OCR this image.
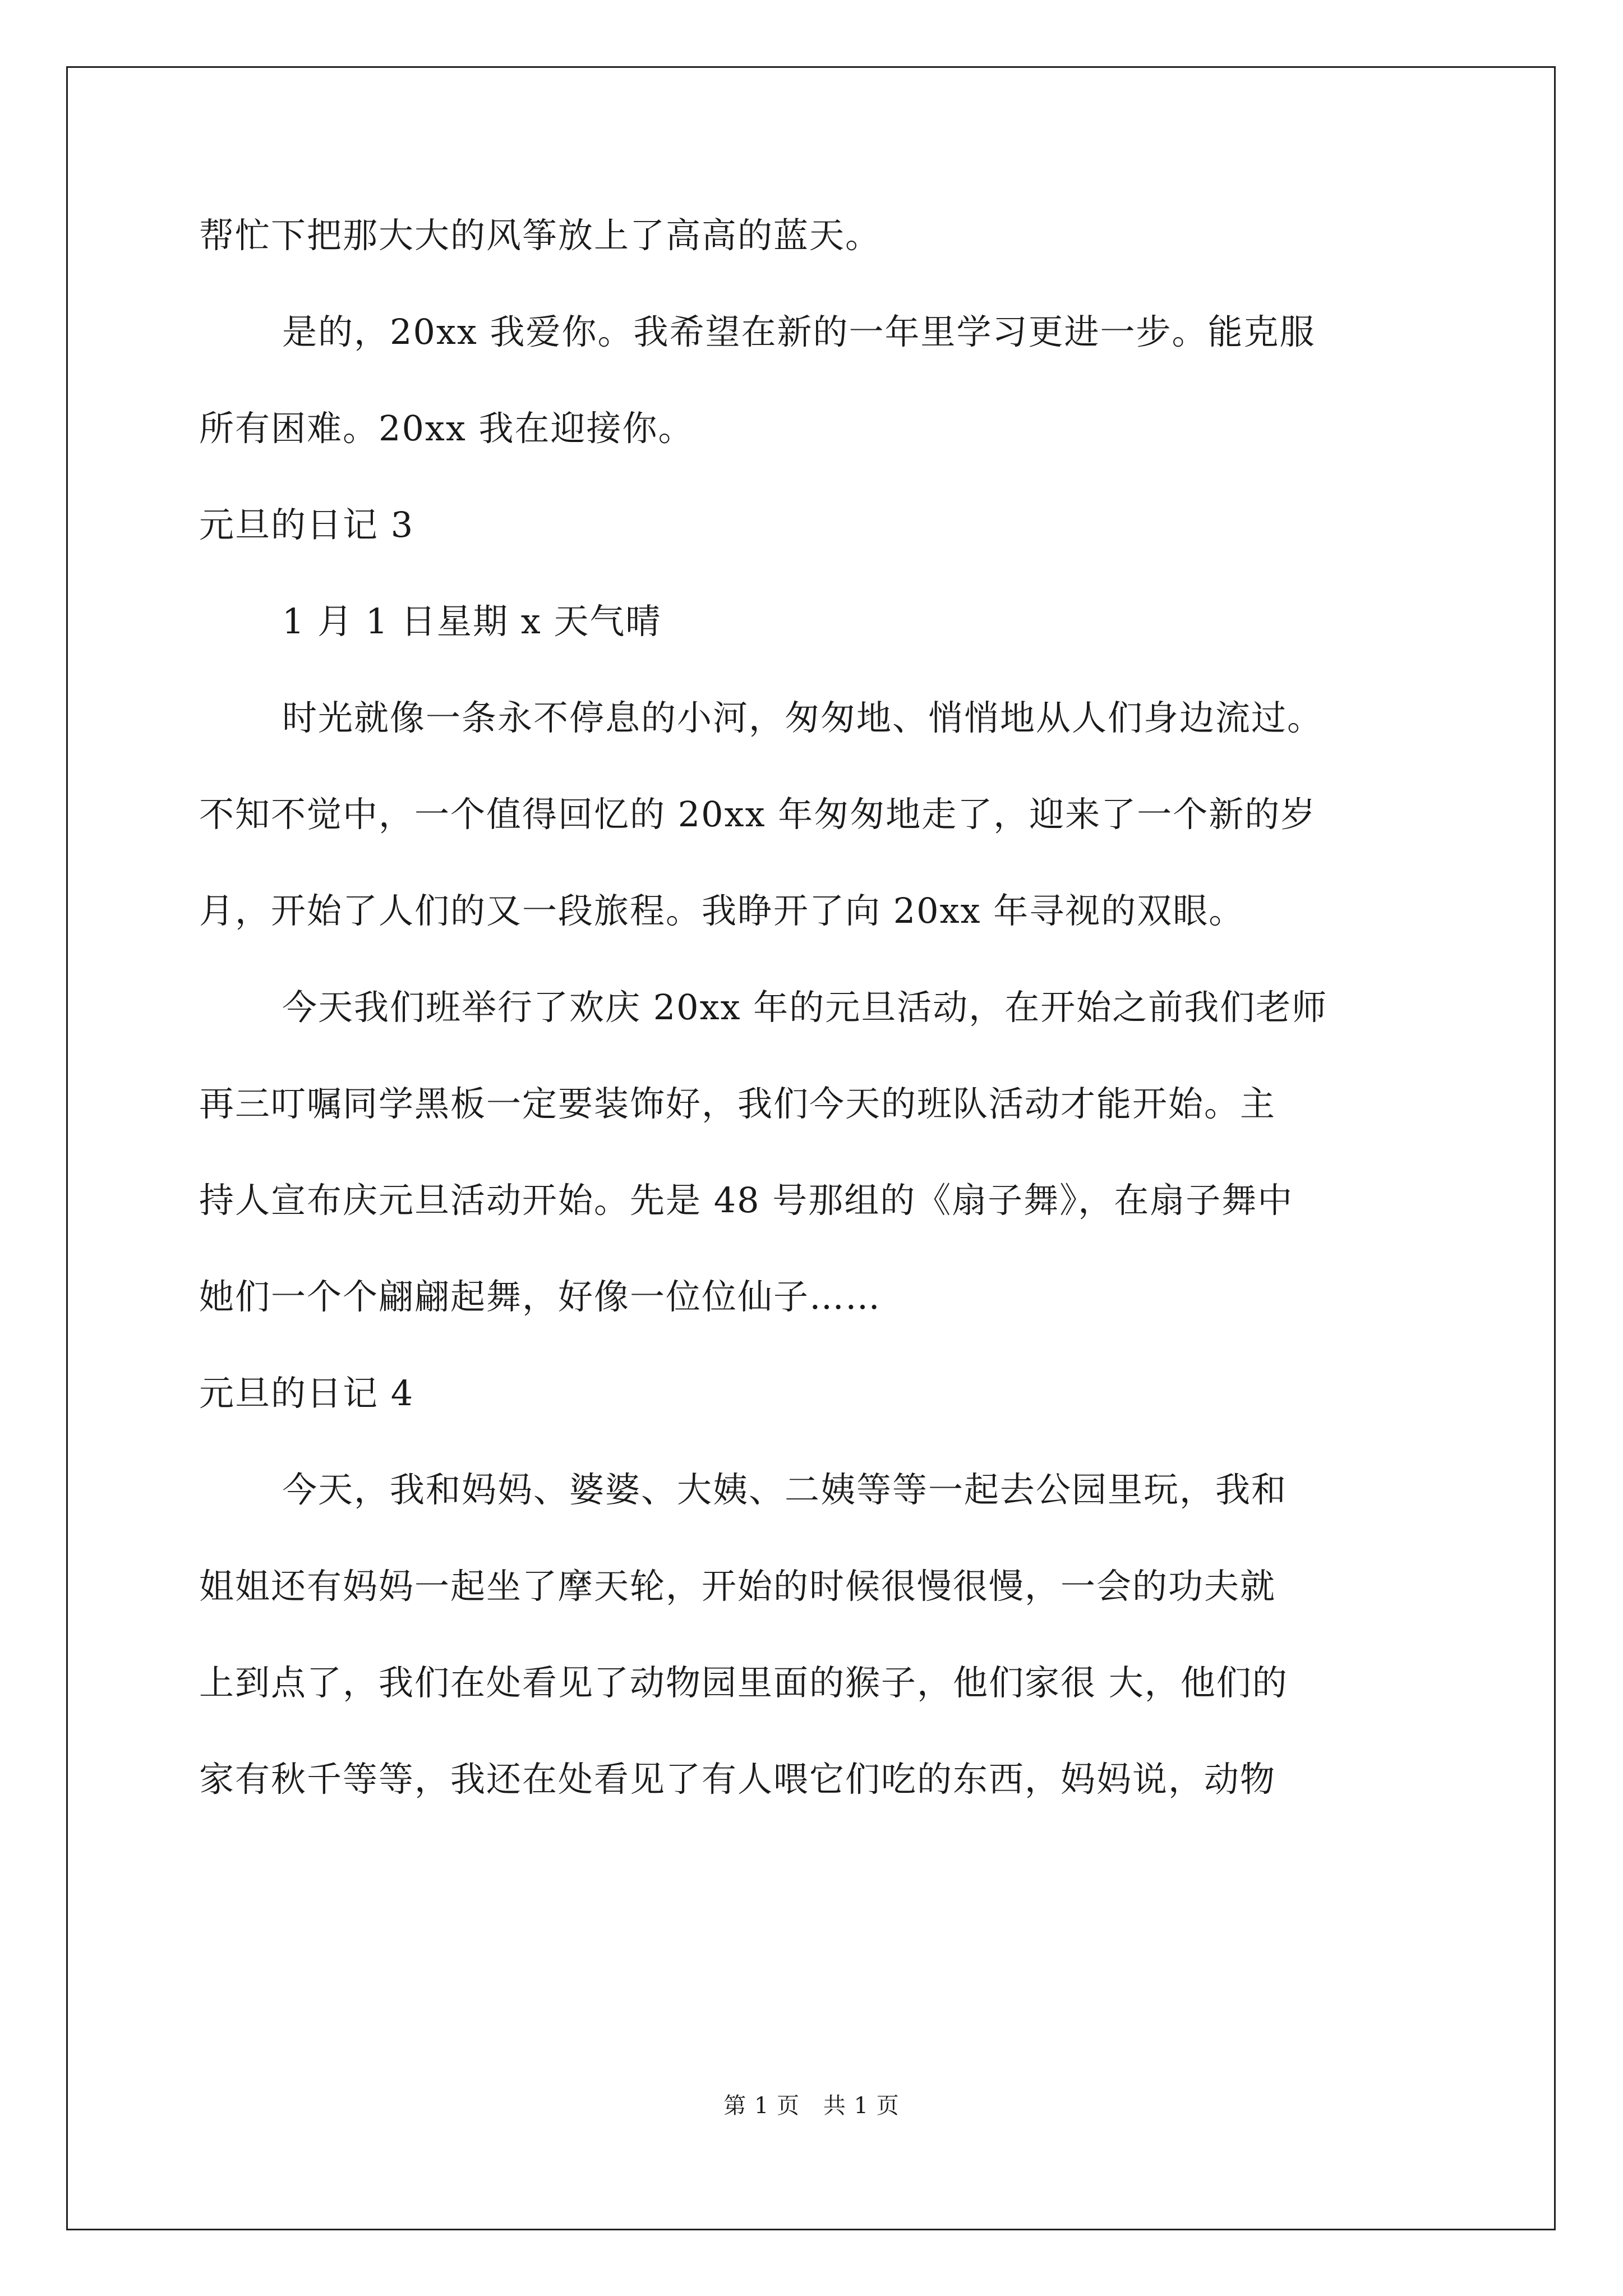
帮忙下把那大大的风筝放上了高高的蓝天。
是的，20xx 我爱你。我希望在新的一年里学习更进一步。能克服
所有困难。20xx 我在迎接你。
元旦的日记 3
1 月 1 日星期 x 天气晴
时光就像一条永不停息的小河，匆匆地、悄悄地从人们身边流过。
不知不觉中，一个值得回忆的 20xx 年匆匆地走了，迎来了一个新的岁
月，开始了人们的又一段旅程。我睁开了向 20xx 年寻视的双眼。
今天我们班举行了欢庆 20xx 年的元旦活动，在开始之前我们老师
再三叮嘱同学黑板一定要装饰好，我们今天的班队活动才能开始。主
持人宣布庆元旦活动开始。先是 48 号那组的《扇子舞》，在扇子舞中
她们一个个翩翩起舞，好像一位位仙子……
元旦的日记 4
今天，我和妈妈、婆婆、大姨、二姨等等一起去公园里玩，我和
姐姐还有妈妈一起坐了摩天轮，开始的时候很慢很慢，一会的功夫就
上到点了，我们在处看见了动物园里面的猴子，他们家很 大，他们的
家有秋千等等，我还在处看见了有人喂它们吃的东西，妈妈说，动物
第 1 页 共 1 页
